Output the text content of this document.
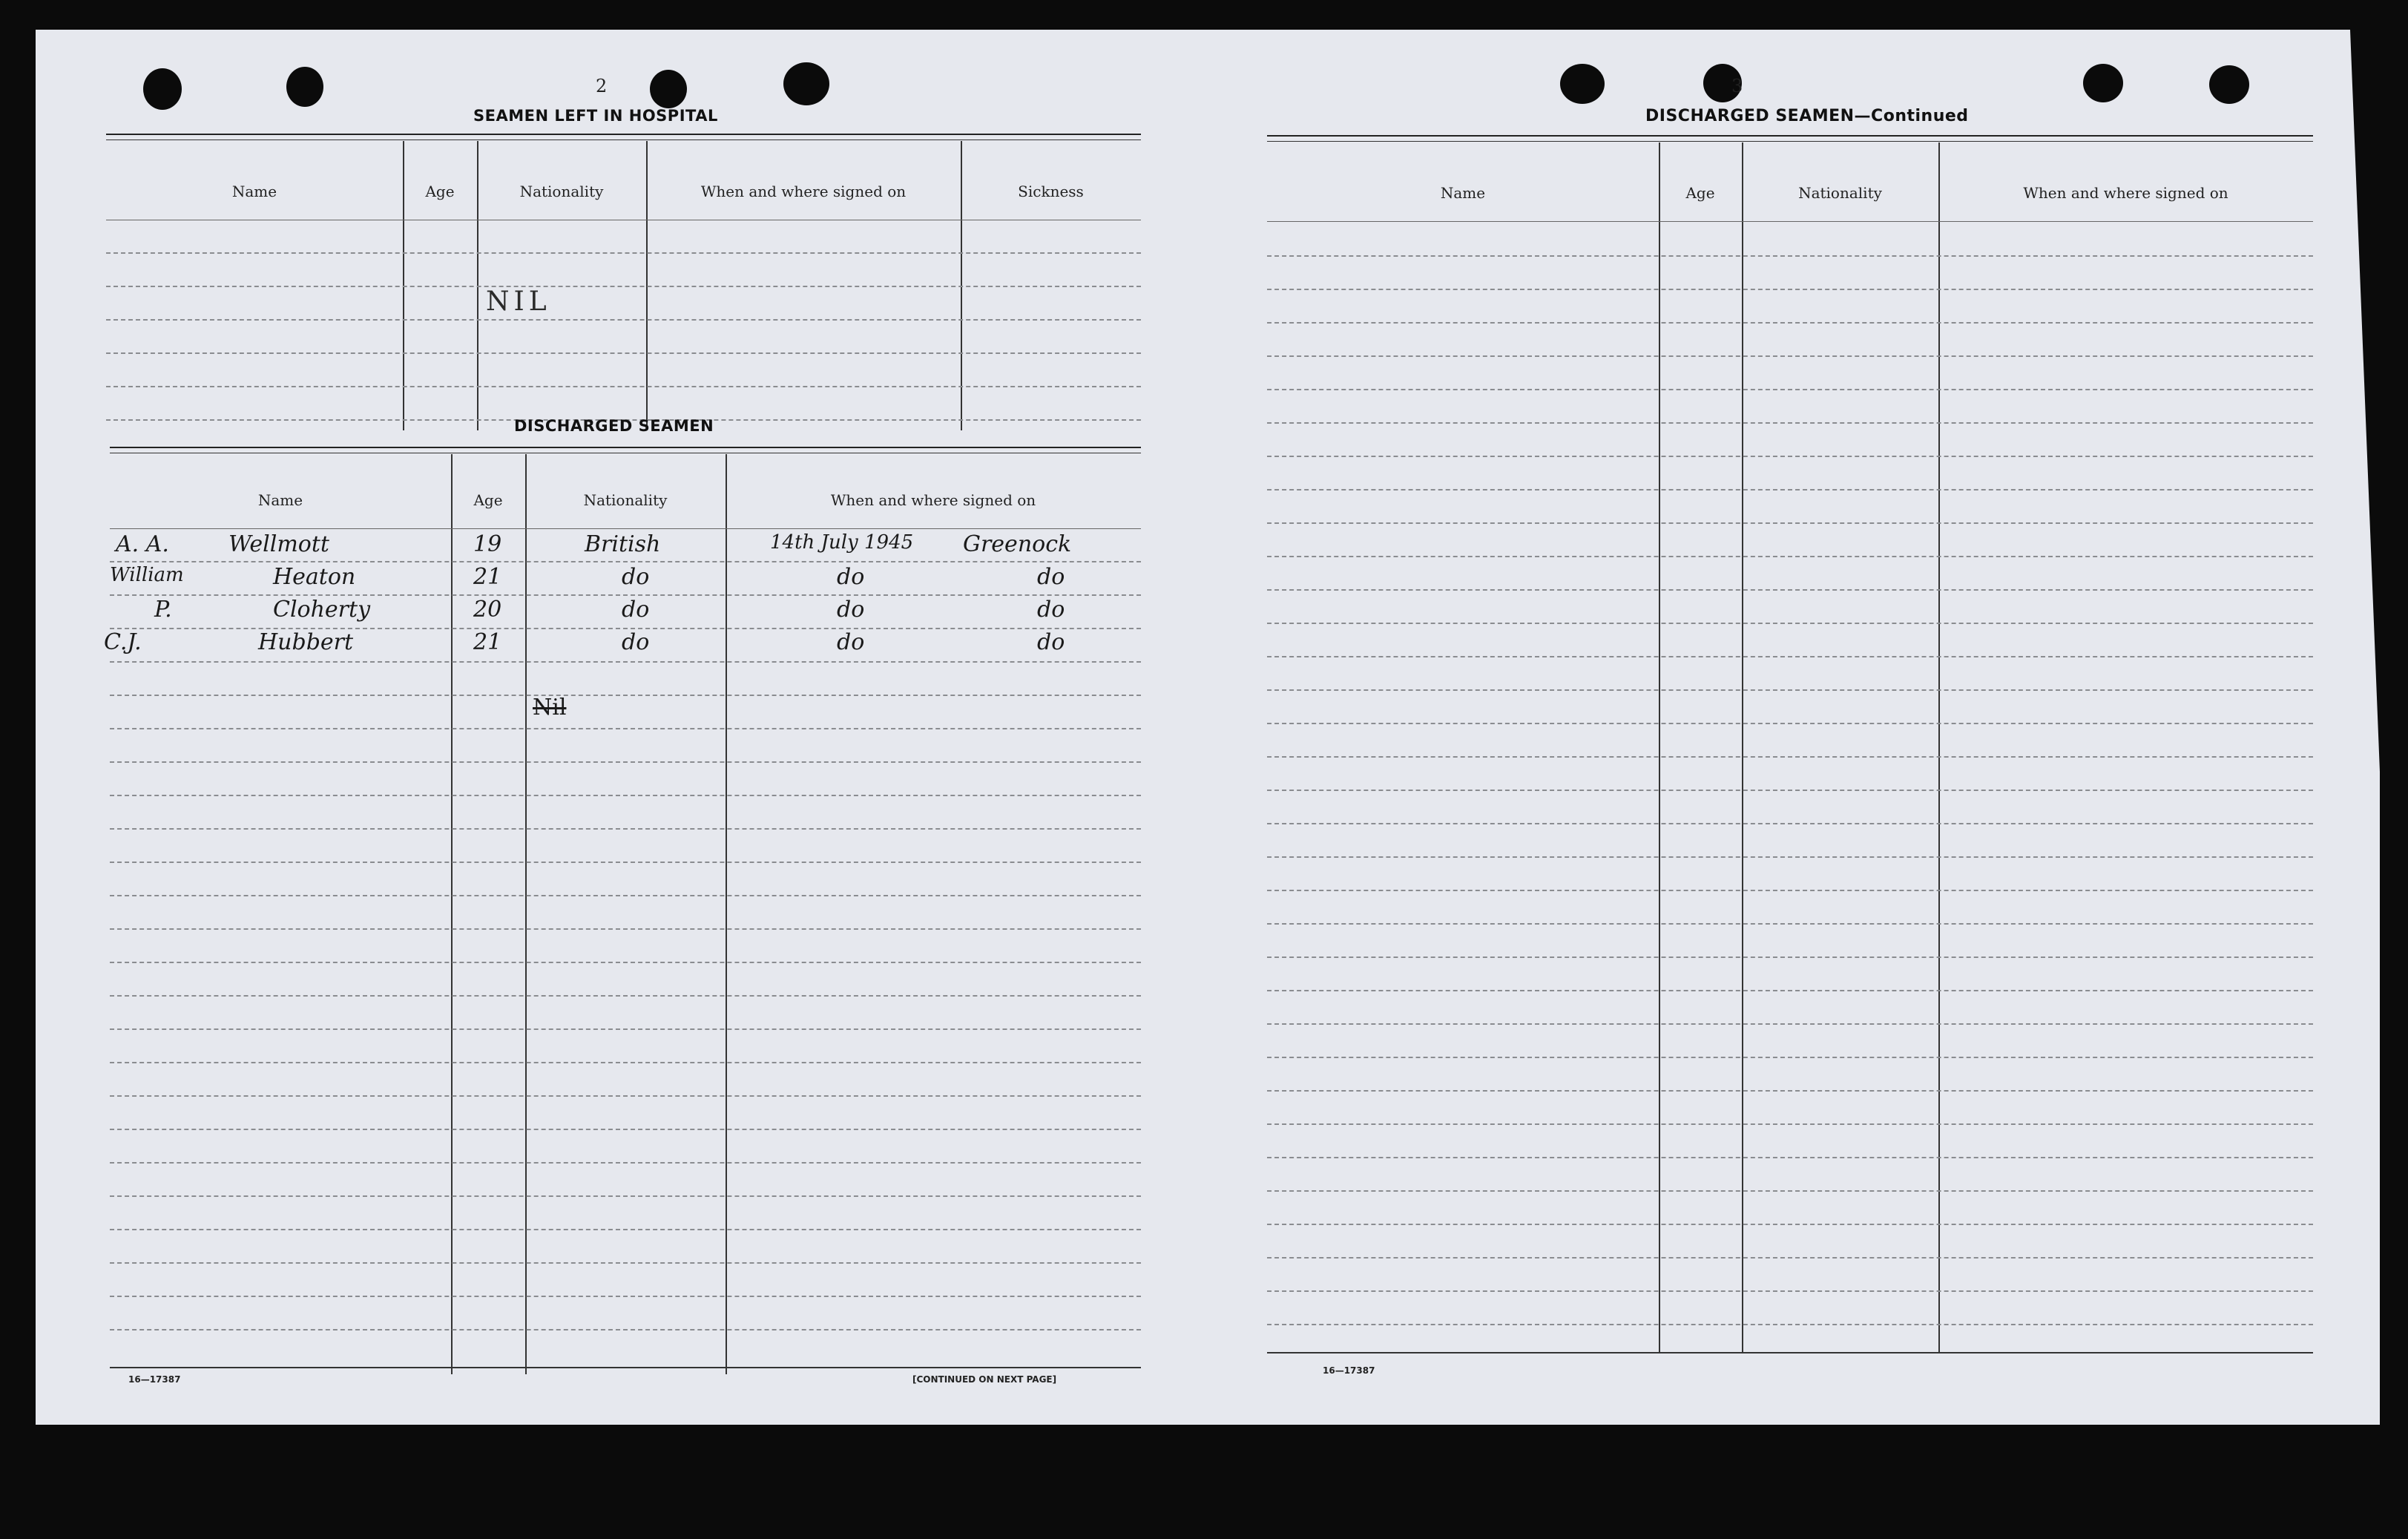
2
SEAMEN LEFT IN HOSPITAL
Name	Age	Nationality	When and where signed on	Sickness
NIL
DISCHARGED SEAMEN
Name	Age	Nationality	When and where signed on
A. A.	Wellmott	19	British	14th July 1945 Greenock
William	Heaton	21	do	do	do
P.	Cloherty	20	do	do	do
C.J.	Hubbert	21	do	do	do
Nil
16—17387	[CONTINUED ON NEXT PAGE]
3
DISCHARGED SEAMEN—Continued
Name	Age	Nationality	When and where signed on
16—17387
